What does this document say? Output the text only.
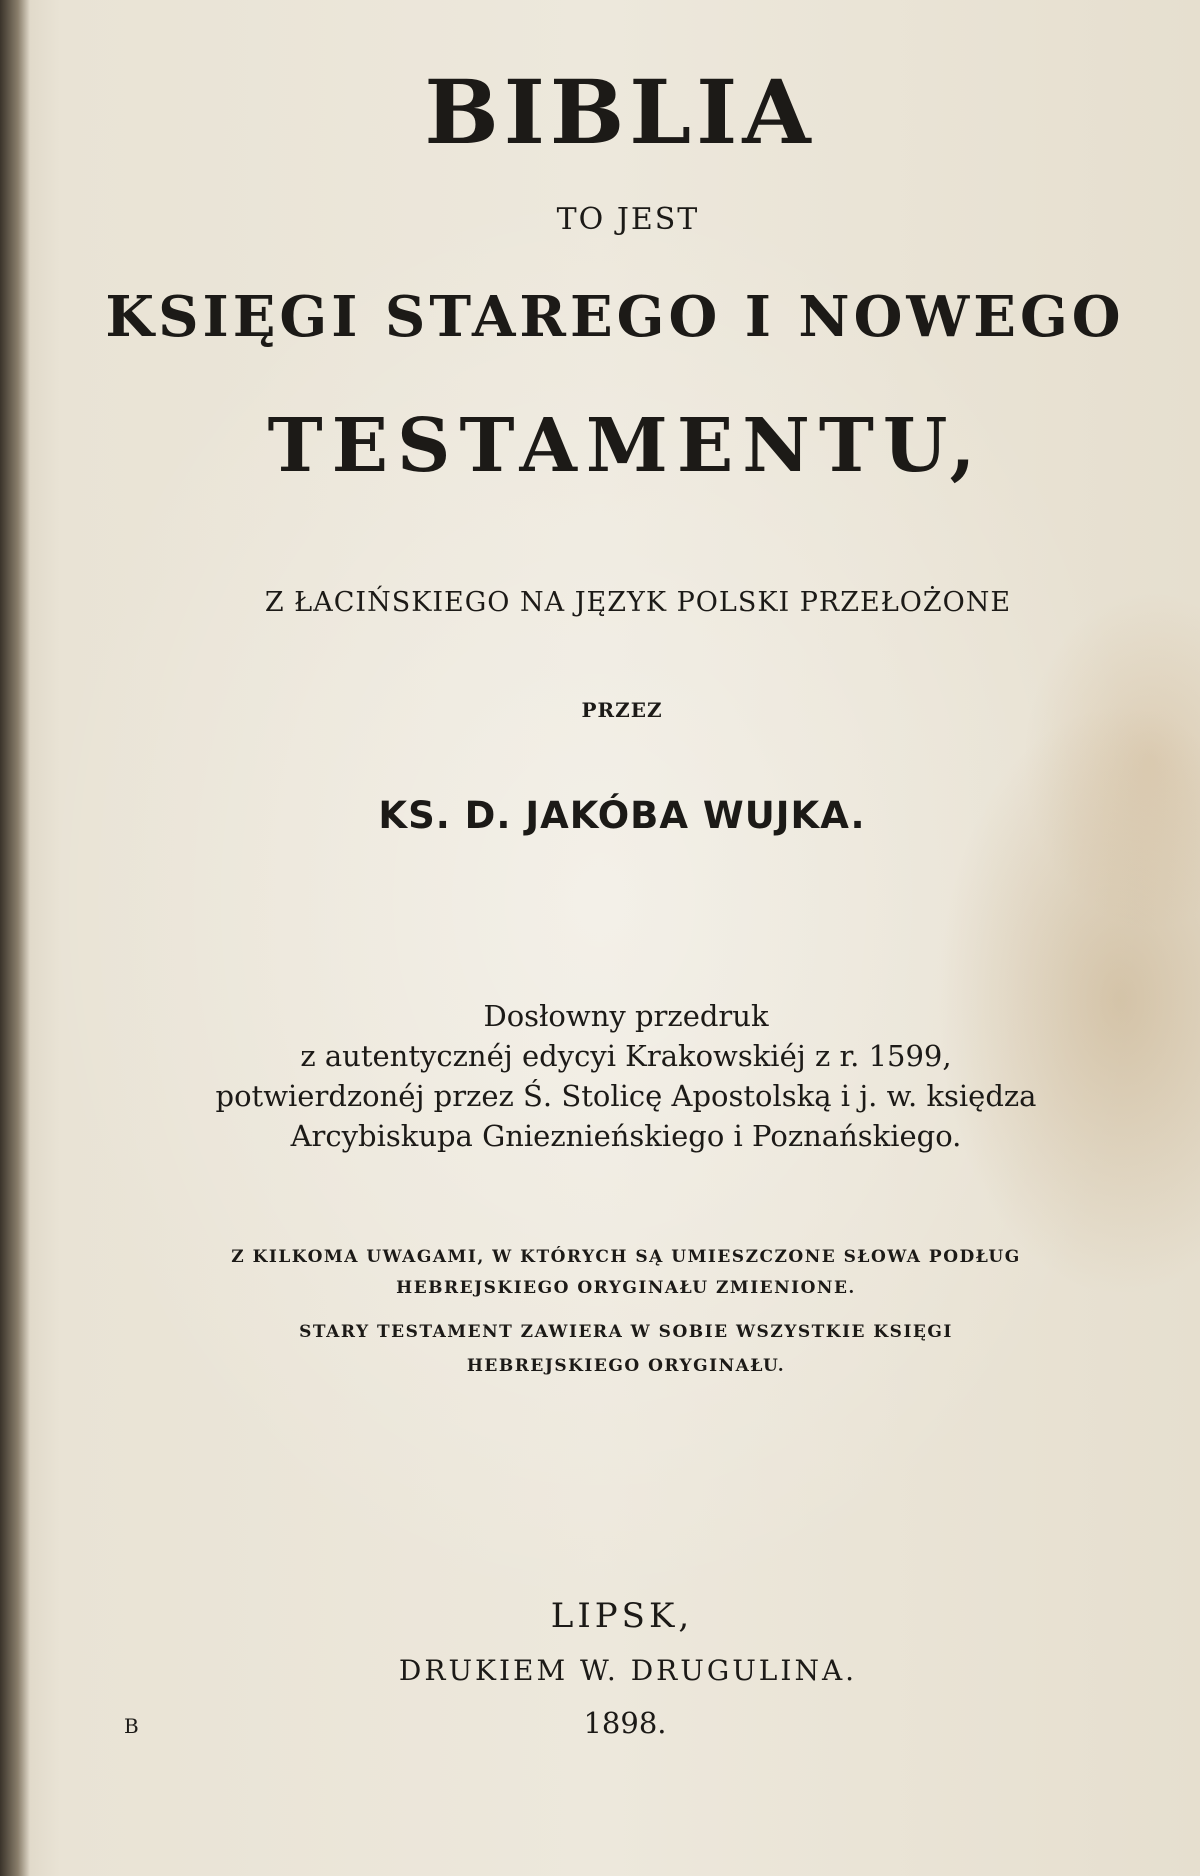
BIBLIA

TO JEST

KSIĘGI STAREGO I NOWEGO
TESTAMENTU,

Z ŁACIŃSKIEGO NA JĘZYK POLSKI PRZEŁOŻONE

PRZEZ

KS. D. JAKÓBA WUJKA.

Dosłowny przedruk

z autentycznéj edycyi Krakowskiéj z r. 1599,

potwierdzonéj przez Ś. Stolicę Apostolską i j. w. księdza

Arcybiskupa Gnieznieńskiego i Poznańskiego.

Z KILKOMA UWAGAMI, W KTÓRYCH SĄ UMIESZCZONE SŁOWA PODŁUG

HEBREJSKIEGO ORYGINAŁU ZMIENIONE.

STARY TESTAMENT ZAWIERA W SOBIE WSZYSTKIE KSIĘGI

HEBREJSKIEGO ORYGINAŁU.

LIPSK,

DRUKIEM W. DRUGULINA.

1898.

B
